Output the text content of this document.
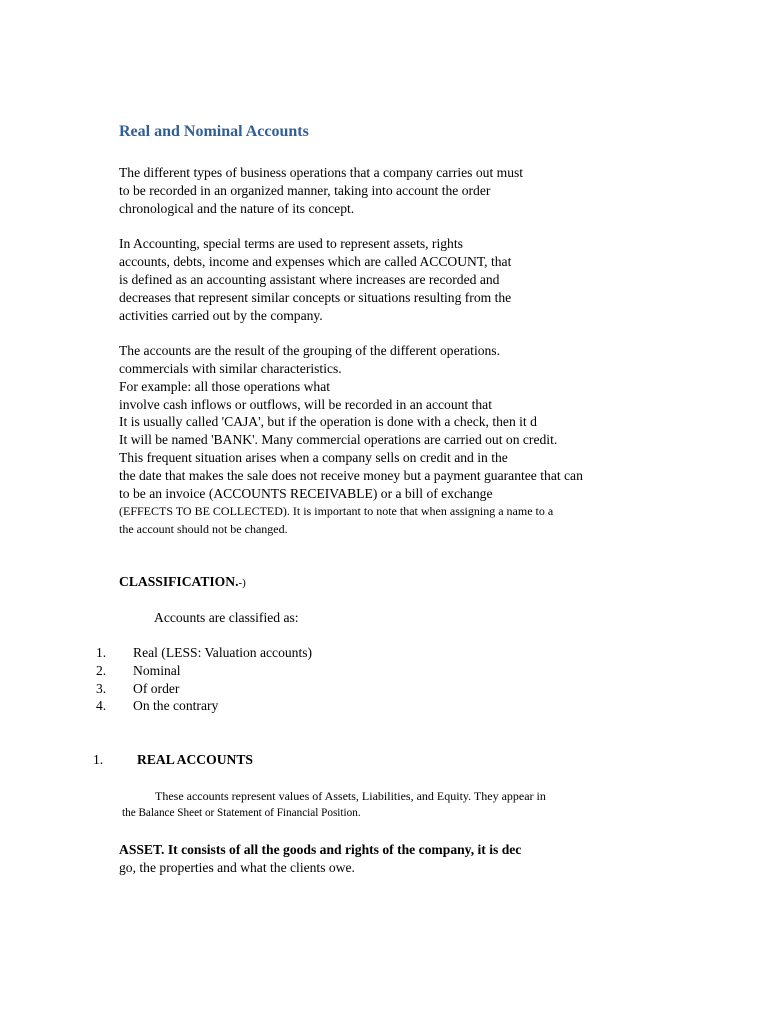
Real and Nominal Accounts
The different types of business operations that a company carries out must
to be recorded in an organized manner, taking into account the order
chronological and the nature of its concept.
In Accounting, special terms are used to represent assets, rights
accounts, debts, income and expenses which are called ACCOUNT, that
is defined as an accounting assistant where increases are recorded and
decreases that represent similar concepts or situations resulting from the
activities carried out by the company.
The accounts are the result of the grouping of the different operations.
commercials with similar characteristics.
For example: all those operations what
involve cash inflows or outflows, will be recorded in an account that
It is usually called 'CAJA', but if the operation is done with a check, then it d
It will be named 'BANK'. Many commercial operations are carried out on credit.
This frequent situation arises when a company sells on credit and in the
the date that makes the sale does not receive money but a payment guarantee that can
to be an invoice (ACCOUNTS RECEIVABLE) or a bill of exchange
(EFFECTS TO BE COLLECTED). It is important to note that when assigning a name to a
the account should not be changed.
CLASSIFICATION.-)
Accounts are classified as:
1. Real (LESS: Valuation accounts)
2. Nominal
3. Of order
4. On the contrary
1. REAL ACCOUNTS
These accounts represent values of Assets, Liabilities, and Equity. They appear in
the Balance Sheet or Statement of Financial Position.
ASSET. It consists of all the goods and rights of the company, it is dec
go, the properties and what the clients owe.
